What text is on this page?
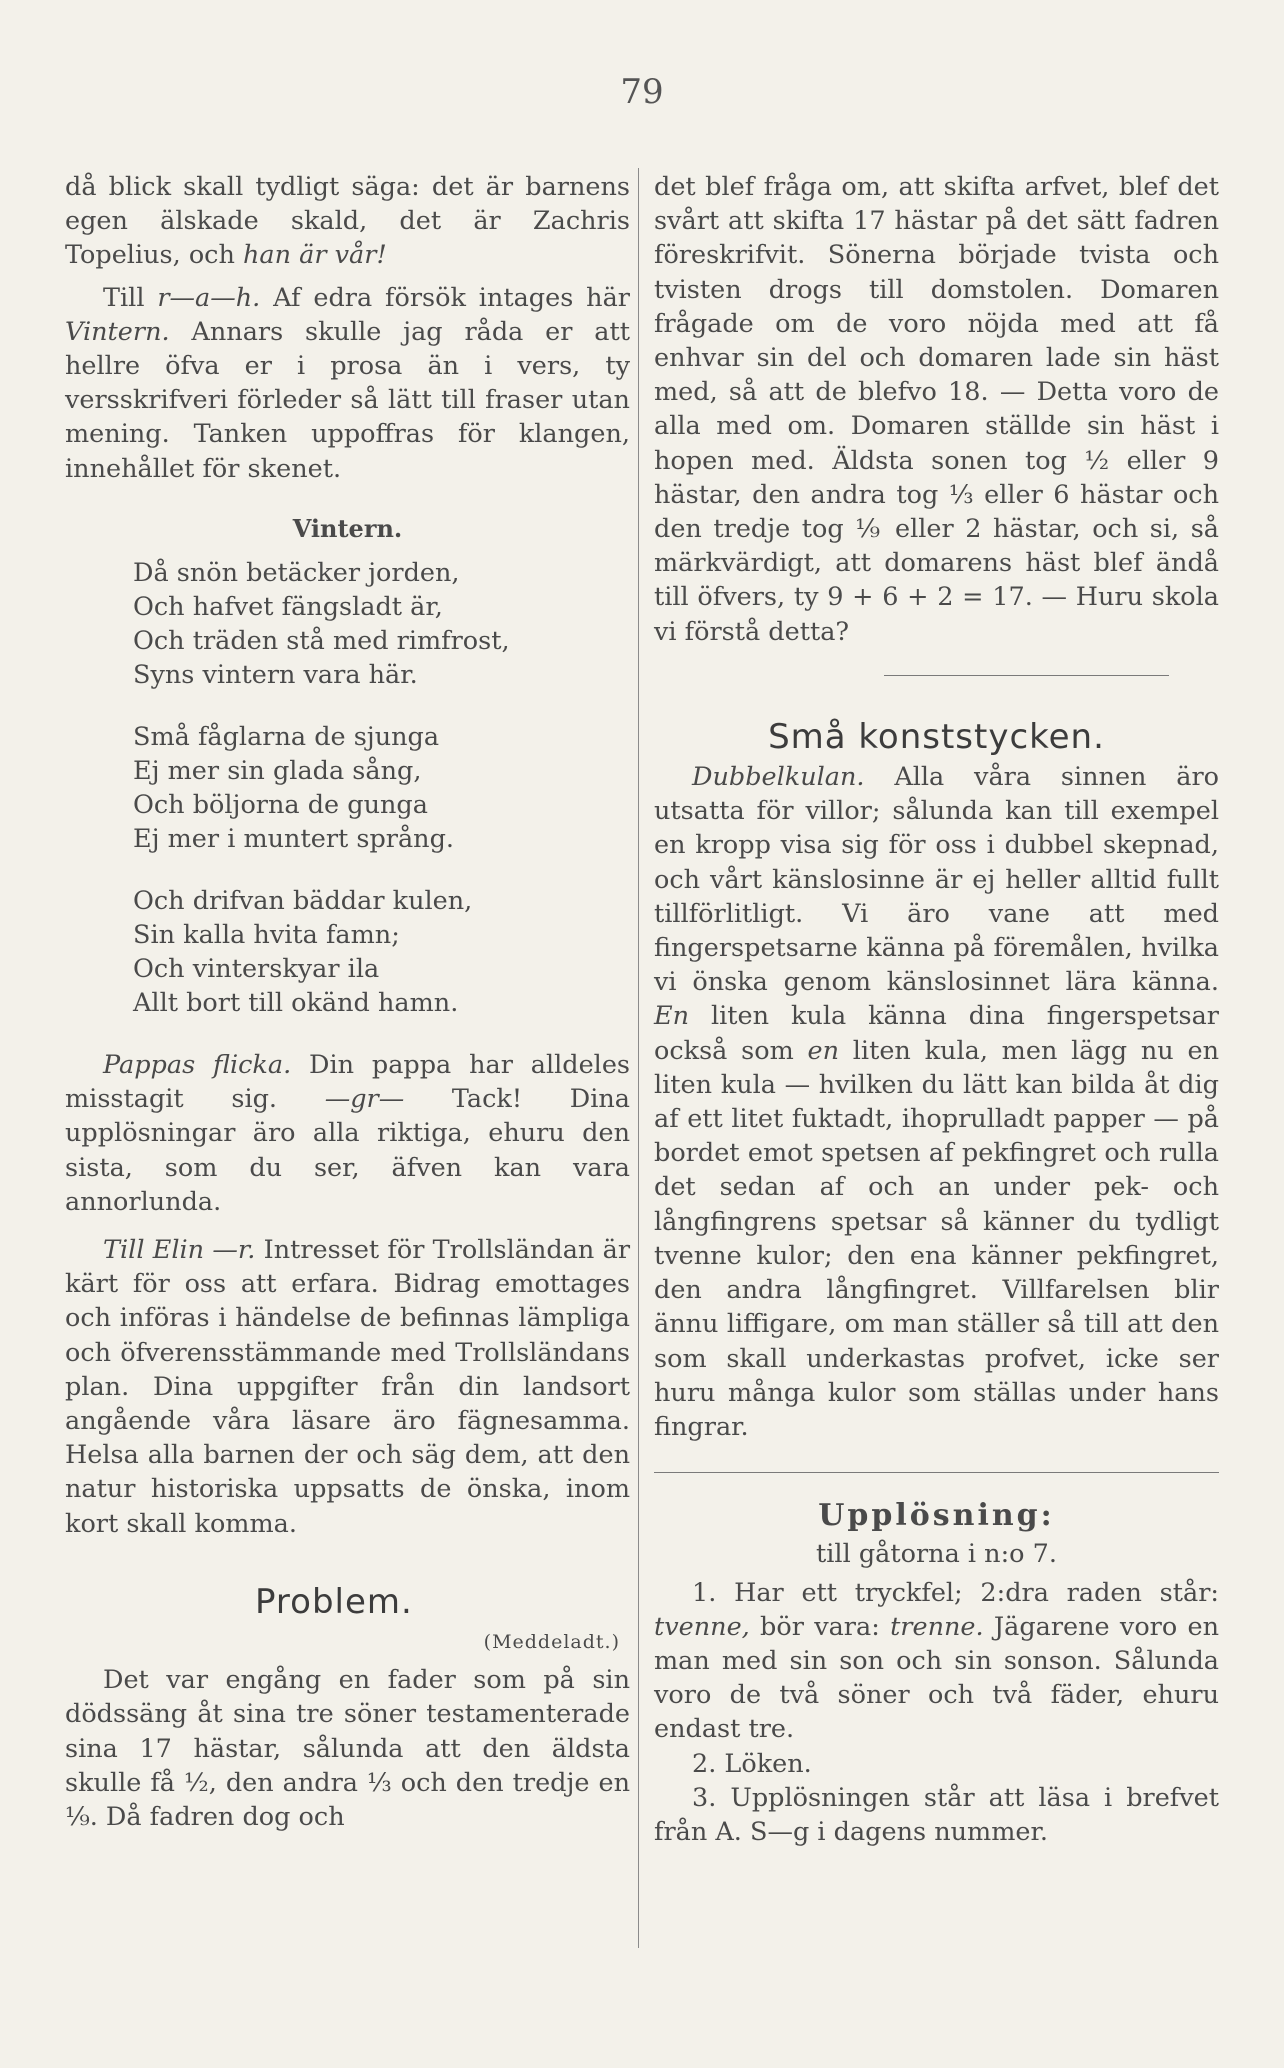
79

då blick skall tydligt säga: det är barnens egen älskade skald, det är Zachris Topelius, och han är vår!

Till r—a—h. Af edra försök intages här Vintern. Annars skulle jag råda er att hellre öfva er i prosa än i vers, ty versskrifveri förleder så lätt till fraser utan mening. Tanken uppoffras för klangen, innehållet för skenet.

Vintern.
Då snön betäcker jorden,
Och hafvet fängsladt är,
Och träden stå med rimfrost,
Syns vintern vara här.
Små fåglarna de sjunga
Ej mer sin glada sång,
Och böljorna de gunga
Ej mer i muntert språng.
Och drifvan bäddar kulen,
Sin kalla hvita famn;
Och vinterskyar ila
Allt bort till okänd hamn.

Pappas flicka. Din pappa har alldeles misstagit sig. —gr— Tack! Dina upplösningar äro alla riktiga, ehuru den sista, som du ser, äfven kan vara annorlunda.

Till Elin —r. Intresset för Trollsländan är kärt för oss att erfara. Bidrag emottages och införas i händelse de befinnas lämpliga och öfverensstämmande med Trollsländans plan. Dina uppgifter från din landsort angående våra läsare äro fägnesamma. Helsa alla barnen der och säg dem, att den natur historiska uppsatts de önska, inom kort skall komma.

Problem.
(Meddeladt.)

Det var engång en fader som på sin dödssäng åt sina tre söner testamenterade sina 17 hästar, sålunda att den äldsta skulle få ½, den andra ⅓ och den tredje en ⅑. Då fadren dog och

det blef fråga om, att skifta arfvet, blef det svårt att skifta 17 hästar på det sätt fadren föreskrifvit. Sönerna började tvista och tvisten drogs till domstolen. Domaren frågade om de voro nöjda med att få enhvar sin del och domaren lade sin häst med, så att de blefvo 18. — Detta voro de alla med om. Domaren ställde sin häst i hopen med. Äldsta sonen tog ½ eller 9 hästar, den andra tog ⅓ eller 6 hästar och den tredje tog ⅑ eller 2 hästar, och si, så märkvärdigt, att domarens häst blef ändå till öfvers, ty 9 + 6 + 2 = 17. — Huru skola vi förstå detta?

Små konststycken.

Dubbelkulan. Alla våra sinnen äro utsatta för villor; sålunda kan till exempel en kropp visa sig för oss i dubbel skepnad, och vårt känslosinne är ej heller alltid fullt tillförlitligt. Vi äro vane att med fingerspetsarne känna på föremålen, hvilka vi önska genom känslosinnet lära känna. En liten kula känna dina fingerspetsar också som en liten kula, men lägg nu en liten kula — hvilken du lätt kan bilda åt dig af ett litet fuktadt, ihoprulladt papper — på bordet emot spetsen af pekfingret och rulla det sedan af och an under pek- och långfingrens spetsar så känner du tydligt tvenne kulor; den ena känner pekfingret, den andra långfingret. Villfarelsen blir ännu liffigare, om man ställer så till att den som skall underkastas profvet, icke ser huru många kulor som ställas under hans fingrar.

Upplösning:
till gåtorna i n:o 7.

1. Har ett tryckfel; 2:dra raden står: tvenne, bör vara: trenne. Jägarene voro en man med sin son och sin sonson. Sålunda voro de två söner och två fäder, ehuru endast tre.

2. Löken.

3. Upplösningen står att läsa i brefvet från A. S—g i dagens nummer.
